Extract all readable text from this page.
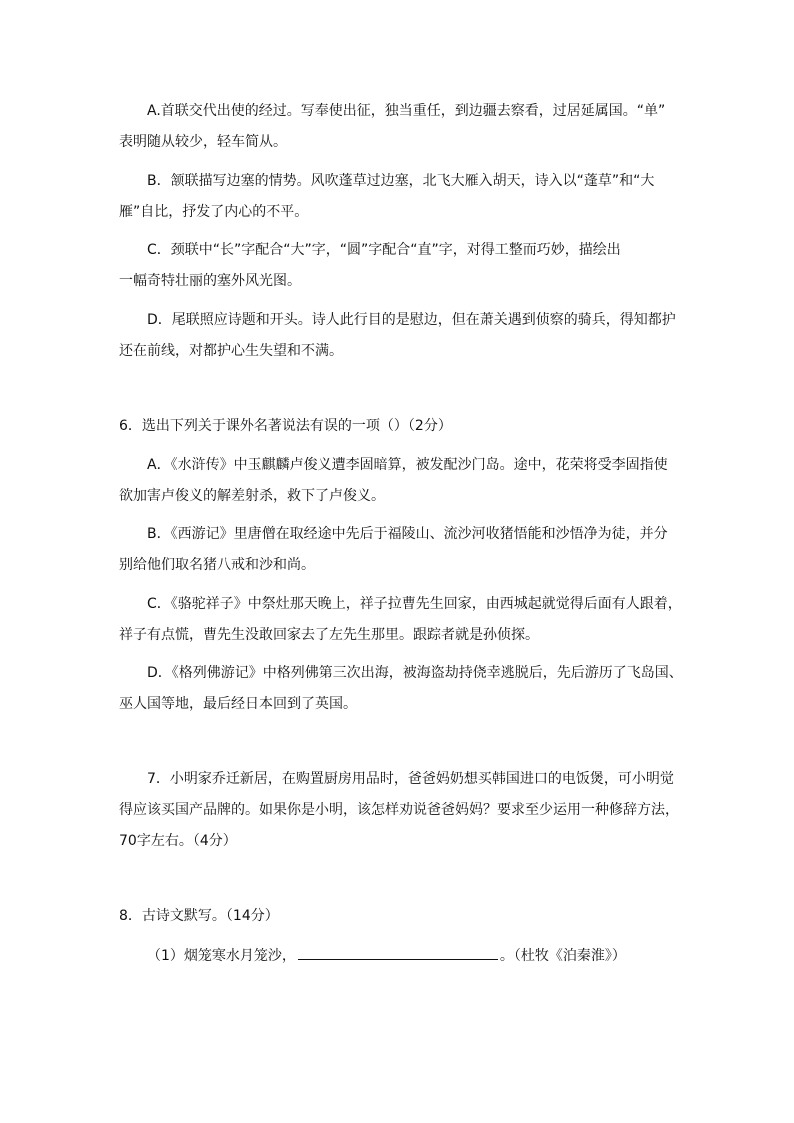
A.首联交代出使的经过。写奉使出征，独当重任，到边疆去察看，过居延属国。“单”

表明随从较少，轻车简从。

B．颔联描写边塞的情势。风吹蓬草过边塞，北飞大雁入胡天，诗入以“蓬草”和“大

雁”自比，抒发了内心的不平。

C．颈联中“长”字配合“大”字，“圆”字配合“直”字，对得工整而巧妙，描绘出

一幅奇特壮丽的塞外风光图。

D．尾联照应诗题和开头。诗人此行目的是慰边，但在萧关遇到侦察的骑兵，得知都护

还在前线，对都护心生失望和不满。

6．选出下列关于课外名著说法有误的一项（）（2分）

A．《水浒传》中玉麒麟卢俊义遭李固暗算，被发配沙门岛。途中，花荣将受李固指使

欲加害卢俊义的解差射杀，救下了卢俊义。

B．《西游记》里唐僧在取经途中先后于福陵山、流沙河收猪悟能和沙悟净为徒，并分

别给他们取名猪八戒和沙和尚。

C．《骆驼祥子》中祭灶那天晚上，祥子拉曹先生回家，由西城起就觉得后面有人跟着，

祥子有点慌，曹先生没敢回家去了左先生那里。跟踪者就是孙侦探。

D．《格列佛游记》中格列佛第三次出海，被海盗劫持侥幸逃脱后，先后游历了飞岛国、

巫人国等地，最后经日本回到了英国。

7．小明家乔迁新居，在购置厨房用品时，爸爸妈奶想买韩国进口的电饭煲，可小明觉

得应该买国产品牌的。如果你是小明，该怎样劝说爸爸妈妈？要求至少运用一种修辞方法，

70字左右。（4分）

8．古诗文默写。（14分）

（1）烟笼寒水月笼沙，	。（杜牧《泊秦淮》）
